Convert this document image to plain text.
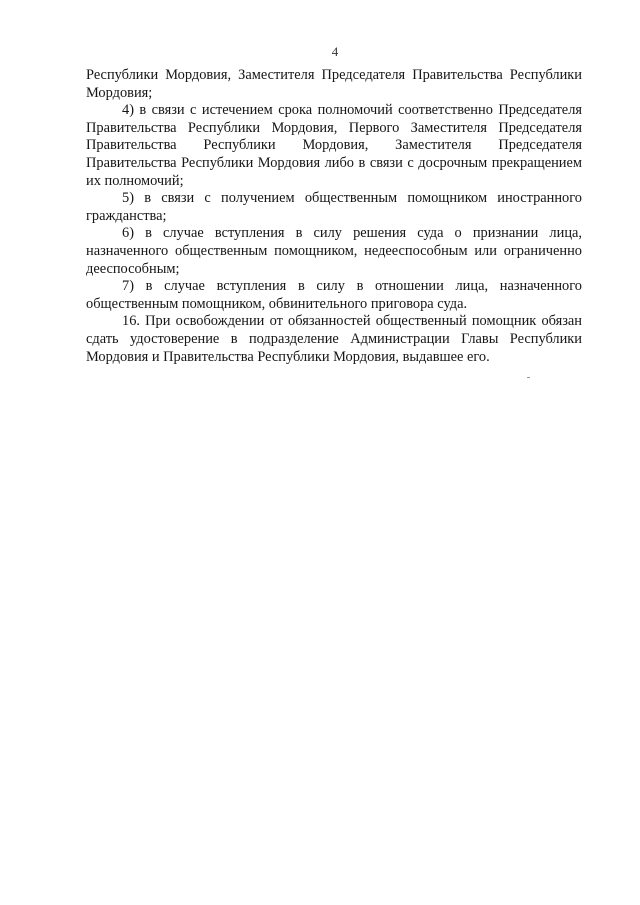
4

Республики Мордовия, Заместителя Председателя Правительства Республики Мордовия;

4) в связи с истечением срока полномочий соответственно Председателя Правительства Республики Мордовия, Первого Заместителя Председателя Правительства Республики Мордовия, Заместителя Председателя Правительства Республики Мордовия либо в связи с досрочным прекращением их полномочий;

5) в связи с получением общественным помощником иностранного гражданства;

6) в случае вступления в силу решения суда о признании лица, назначенного общественным помощником, недееспособным или ограниченно дееспособным;

7) в случае вступления в силу в отношении лица, назначенного общественным помощником, обвинительного приговора суда.

16. При освобождении от обязанностей общественный помощник обязан сдать удостоверение в подразделение Администрации Главы Республики Мордовия и Правительства Республики Мордовия, выдавшее его.
